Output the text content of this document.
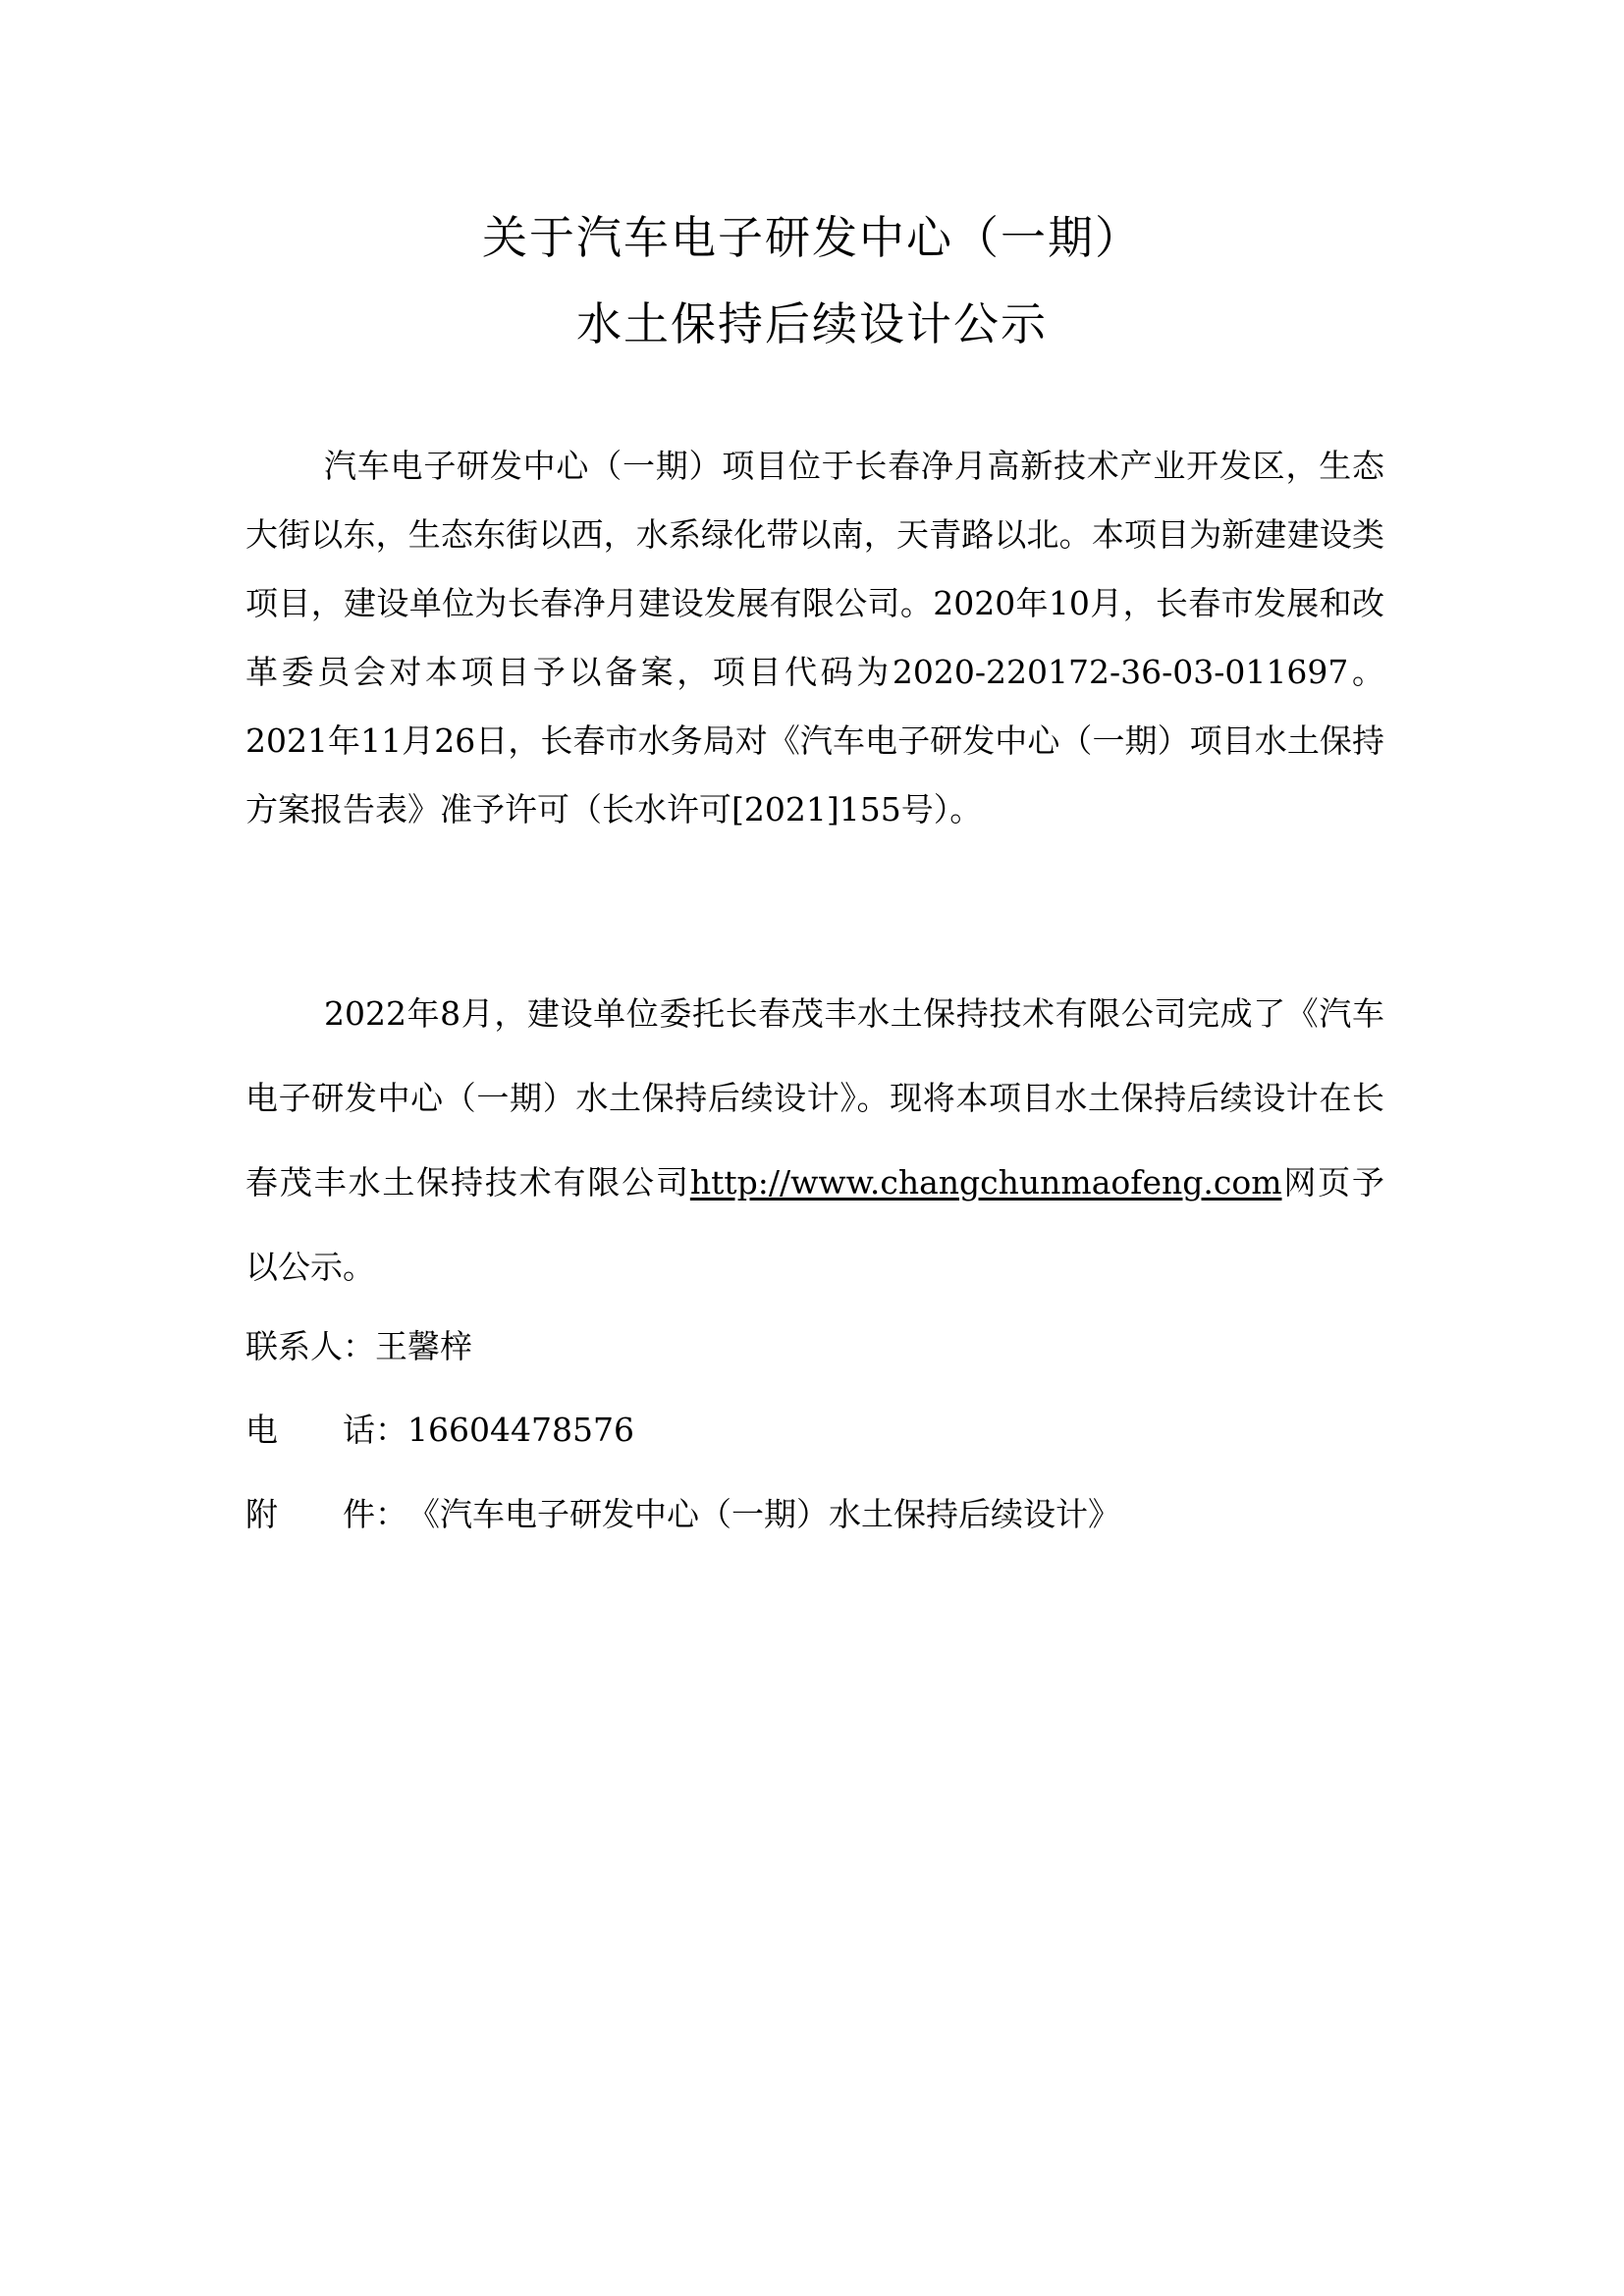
关于汽车电子研发中心（一期）
水土保持后续设计公示

汽车电子研发中心（一期）项目位于长春净月高新技术产业开发区，生态大街以东，生态东街以西，水系绿化带以南，天青路以北。本项目为新建建设类项目，建设单位为长春净月建设发展有限公司。2020年10月，长春市发展和改革委员会对本项目予以备案，项目代码为2020-220172-36-03-011697。2021年11月26日，长春市水务局对《汽车电子研发中心（一期）项目水土保持方案报告表》准予许可（长水许可[2021]155号）。

2022年8月，建设单位委托长春茂丰水土保持技术有限公司完成了《汽车电子研发中心（一期）水土保持后续设计》。现将本项目水土保持后续设计在长春茂丰水土保持技术有限公司http://www.changchunmaofeng.com网页予以公示。

联系人：王馨梓
电 话：16604478576
附 件：《汽车电子研发中心（一期）水土保持后续设计》
